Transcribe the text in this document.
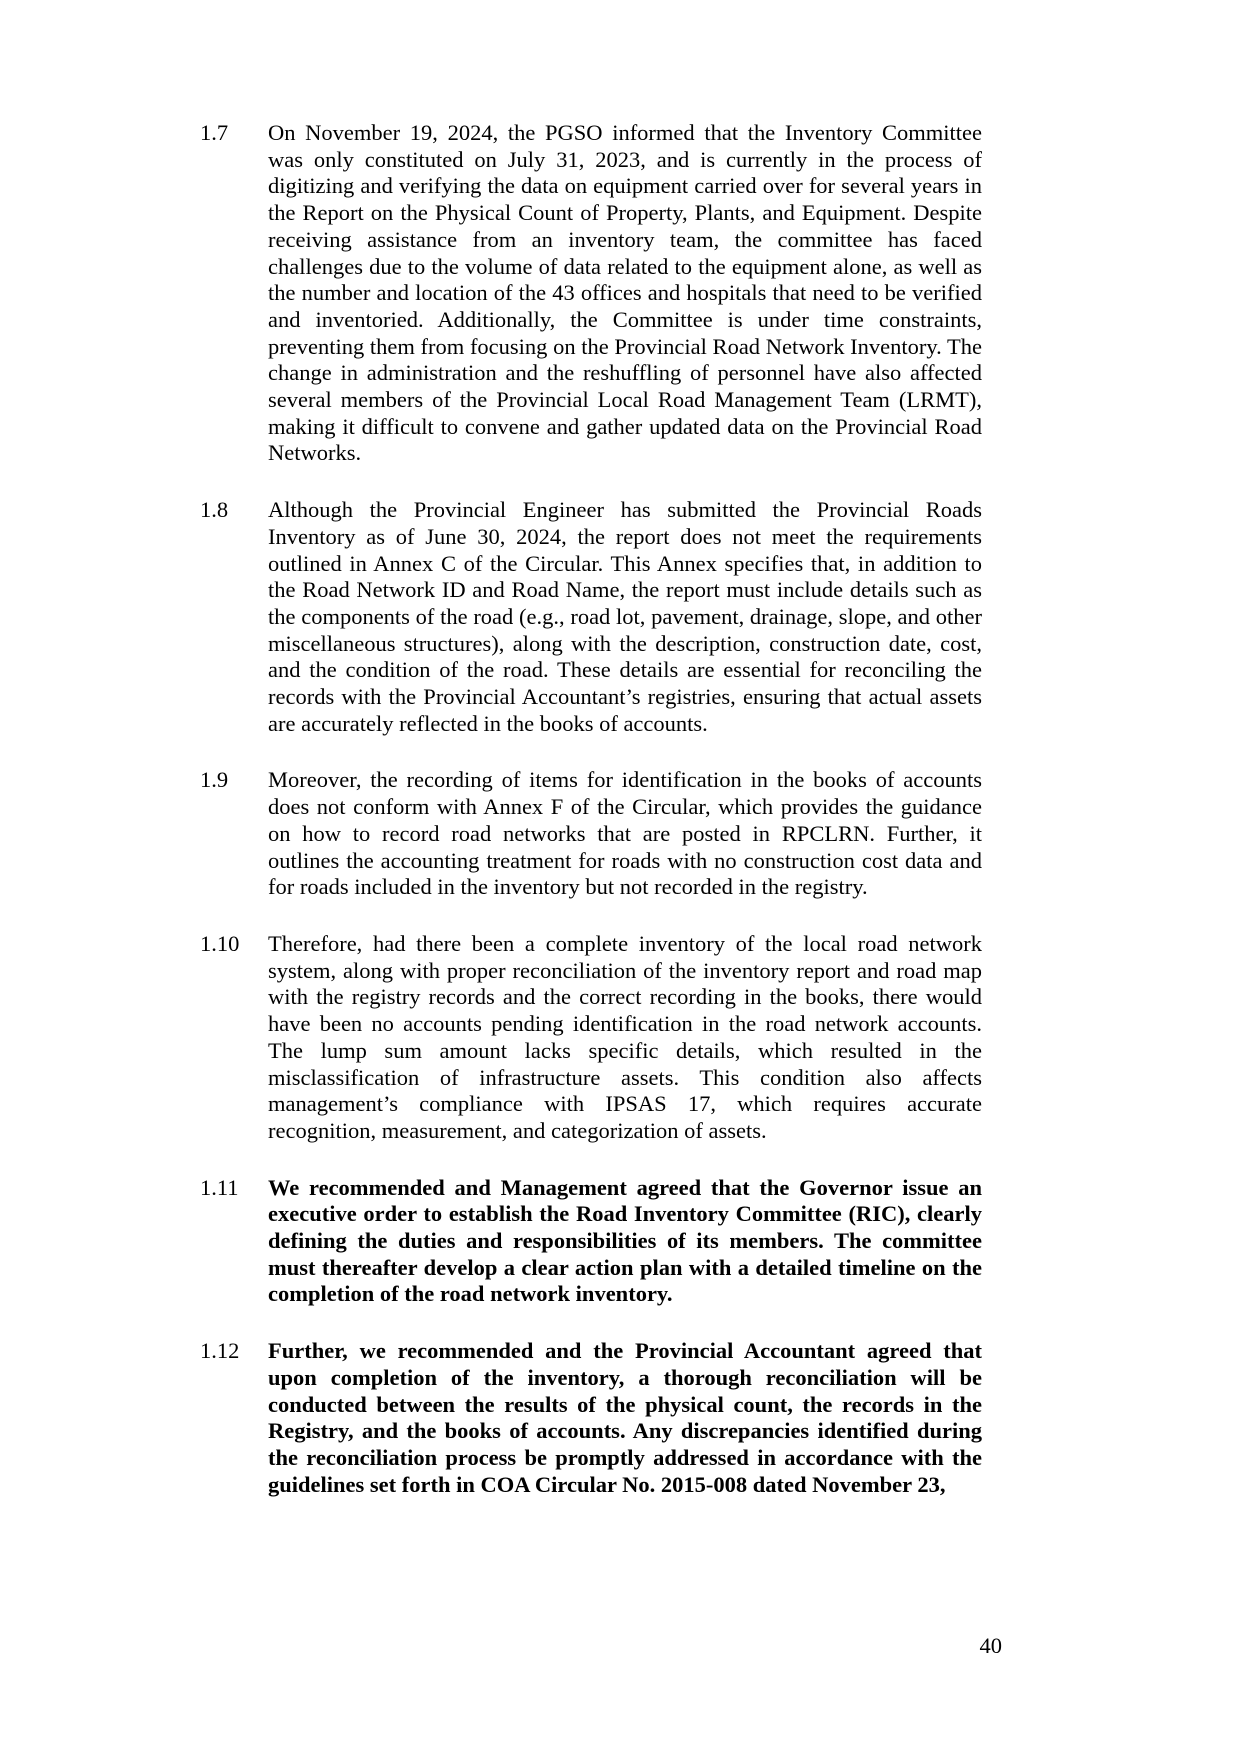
1.7	On November 19, 2024, the PGSO informed that the Inventory Committee was only constituted on July 31, 2023, and is currently in the process of digitizing and verifying the data on equipment carried over for several years in the Report on the Physical Count of Property, Plants, and Equipment. Despite receiving assistance from an inventory team, the committee has faced challenges due to the volume of data related to the equipment alone, as well as the number and location of the 43 offices and hospitals that need to be verified and inventoried. Additionally, the Committee is under time constraints, preventing them from focusing on the Provincial Road Network Inventory. The change in administration and the reshuffling of personnel have also affected several members of the Provincial Local Road Management Team (LRMT), making it difficult to convene and gather updated data on the Provincial Road Networks.
1.8	Although the Provincial Engineer has submitted the Provincial Roads Inventory as of June 30, 2024, the report does not meet the requirements outlined in Annex C of the Circular. This Annex specifies that, in addition to the Road Network ID and Road Name, the report must include details such as the components of the road (e.g., road lot, pavement, drainage, slope, and other miscellaneous structures), along with the description, construction date, cost, and the condition of the road. These details are essential for reconciling the records with the Provincial Accountant’s registries, ensuring that actual assets are accurately reflected in the books of accounts.
1.9	Moreover, the recording of items for identification in the books of accounts does not conform with Annex F of the Circular, which provides the guidance on how to record road networks that are posted in RPCLRN. Further, it outlines the accounting treatment for roads with no construction cost data and for roads included in the inventory but not recorded in the registry.
1.10	Therefore, had there been a complete inventory of the local road network system, along with proper reconciliation of the inventory report and road map with the registry records and the correct recording in the books, there would have been no accounts pending identification in the road network accounts. The lump sum amount lacks specific details, which resulted in the misclassification of infrastructure assets. This condition also affects management’s compliance with IPSAS 17, which requires accurate recognition, measurement, and categorization of assets.
1.11	We recommended and Management agreed that the Governor issue an executive order to establish the Road Inventory Committee (RIC), clearly defining the duties and responsibilities of its members. The committee must thereafter develop a clear action plan with a detailed timeline on the completion of the road network inventory.
1.12	Further, we recommended and the Provincial Accountant agreed that upon completion of the inventory, a thorough reconciliation will be conducted between the results of the physical count, the records in the Registry, and the books of accounts. Any discrepancies identified during the reconciliation process be promptly addressed in accordance with the guidelines set forth in COA Circular No. 2015-008 dated November 23,
40
